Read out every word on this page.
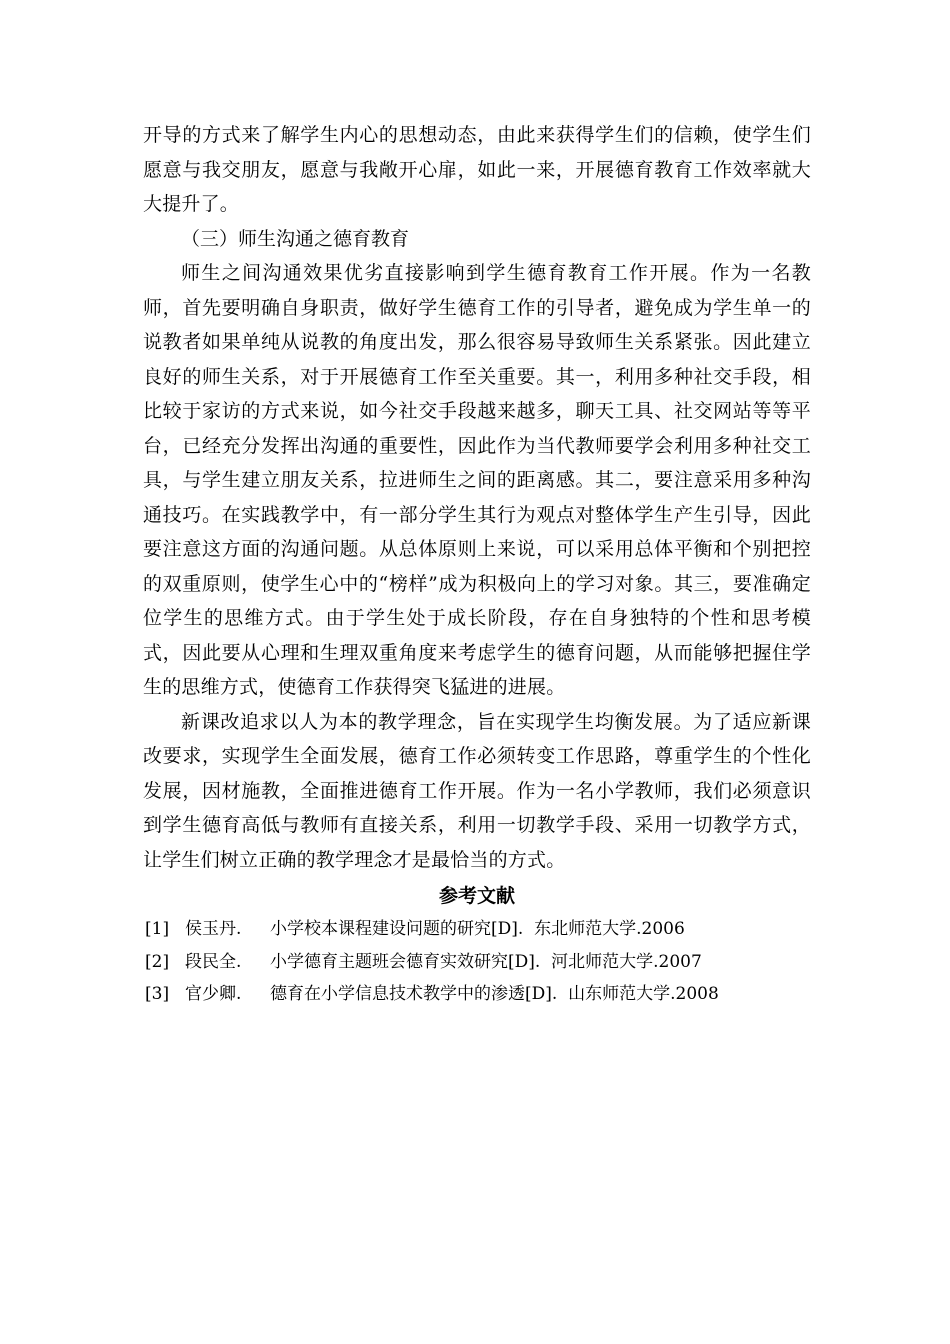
开导的方式来了解学生内心的思想动态，由此来获得学生们的信赖，使学生们愿意与我交朋友，愿意与我敞开心扉，如此一来，开展德育教育工作效率就大大提升了。

（三）师生沟通之德育教育

师生之间沟通效果优劣直接影响到学生德育教育工作开展。作为一名教师，首先要明确自身职责，做好学生德育工作的引导者，避免成为学生单一的说教者如果单纯从说教的角度出发，那么很容易导致师生关系紧张。因此建立良好的师生关系，对于开展德育工作至关重要。其一，利用多种社交手段，相比较于家访的方式来说，如今社交手段越来越多，聊天工具、社交网站等等平台，已经充分发挥出沟通的重要性，因此作为当代教师要学会利用多种社交工具，与学生建立朋友关系，拉进师生之间的距离感。其二，要注意采用多种沟通技巧。在实践教学中，有一部分学生其行为观点对整体学生产生引导，因此要注意这方面的沟通问题。从总体原则上来说，可以采用总体平衡和个别把控的双重原则，使学生心中的“榜样”成为积极向上的学习对象。其三，要准确定位学生的思维方式。由于学生处于成长阶段，存在自身独特的个性和思考模式，因此要从心理和生理双重角度来考虑学生的德育问题，从而能够把握住学生的思维方式，使德育工作获得突飞猛进的进展。

新课改追求以人为本的教学理念，旨在实现学生均衡发展。为了适应新课改要求，实现学生全面发展，德育工作必须转变工作思路，尊重学生的个性化发展，因材施教，全面推进德育工作开展。作为一名小学教师，我们必须意识到学生德育高低与教师有直接关系，利用一切教学手段、采用一切教学方式，让学生们树立正确的教学理念才是最恰当的方式。

参考文献
[1] 侯玉丹. 小学校本课程建设问题的研究[D]. 东北师范大学.2006
[2] 段民全. 小学德育主题班会德育实效研究[D]. 河北师范大学.2007
[3] 官少卿. 德育在小学信息技术教学中的渗透[D]. 山东师范大学.2008
